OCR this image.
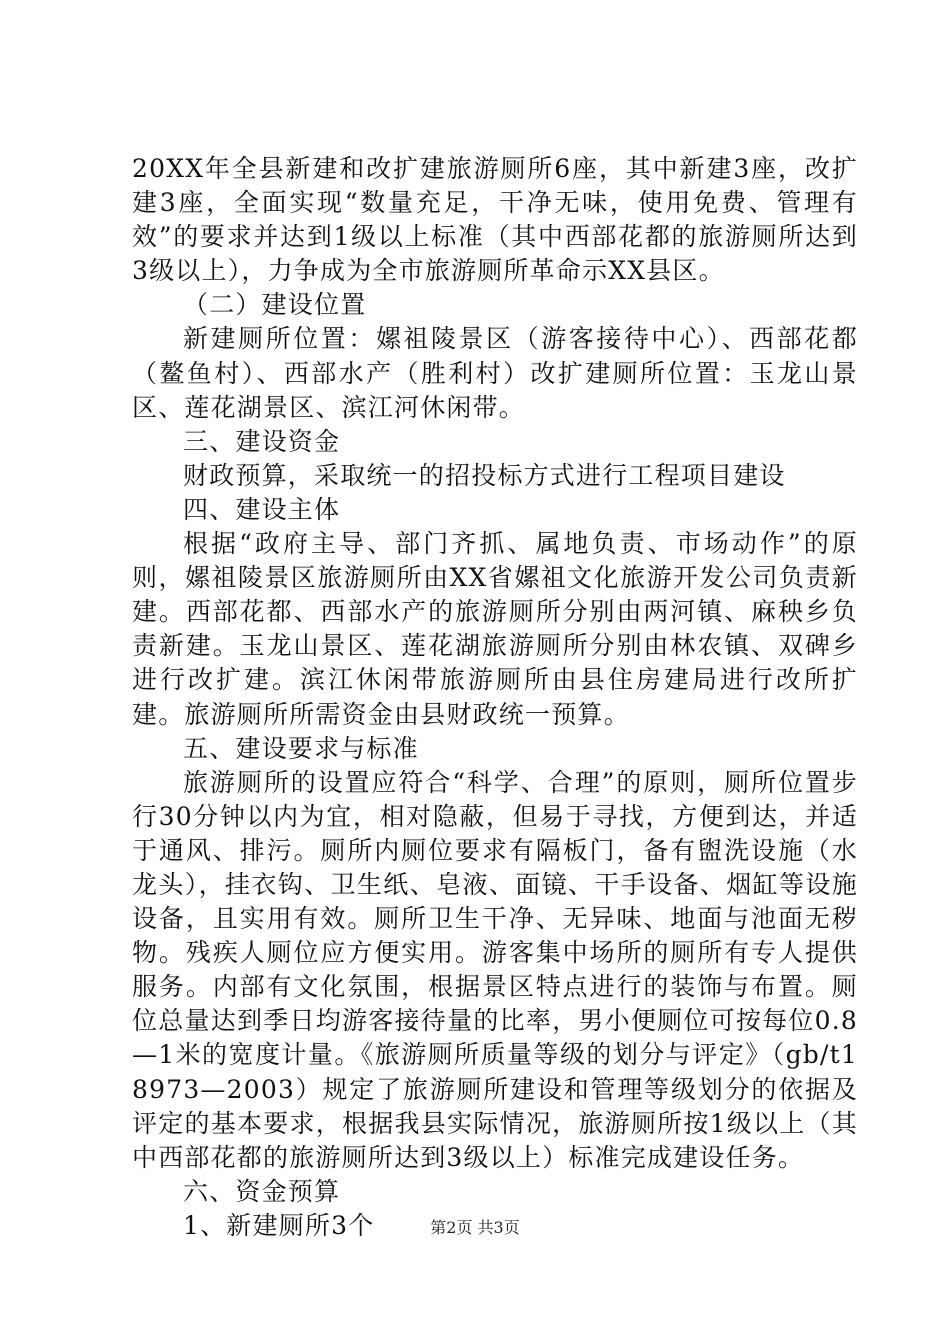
20XX年全县新建和改扩建旅游厕所6座，其中新建3座，改扩建3座，全面实现“数量充足，干净无味，使用免费、管理有效”的要求并达到1级以上标准（其中西部花都的旅游厕所达到3级以上），力争成为全市旅游厕所革命示XX县区。

（二）建设位置

新建厕所位置：嫘祖陵景区（游客接待中心）、西部花都（鳌鱼村）、西部水产（胜利村）改扩建厕所位置：玉龙山景区、莲花湖景区、滨江河休闲带。

三、建设资金

财政预算，采取统一的招投标方式进行工程项目建设

四、建设主体

根据“政府主导、部门齐抓、属地负责、市场动作”的原则，嫘祖陵景区旅游厕所由XX省嫘祖文化旅游开发公司负责新建。西部花都、西部水产的旅游厕所分别由两河镇、麻秧乡负责新建。玉龙山景区、莲花湖旅游厕所分别由林农镇、双碑乡进行改扩建。滨江休闲带旅游厕所由县住房建局进行改所扩建。旅游厕所所需资金由县财政统一预算。

五、建设要求与标准

旅游厕所的设置应符合“科学、合理”的原则，厕所位置步行30分钟以内为宜，相对隐蔽，但易于寻找，方便到达，并适于通风、排污。厕所内厕位要求有隔板门，备有盥洗设施（水龙头），挂衣钩、卫生纸、皂液、面镜、干手设备、烟缸等设施设备，且实用有效。厕所卫生干净、无异味、地面与池面无秽物。残疾人厕位应方便实用。游客集中场所的厕所有专人提供服务。内部有文化氛围，根据景区特点进行的装饰与布置。厕位总量达到季日均游客接待量的比率，男小便厕位可按每位0.8—1米的宽度计量。《旅游厕所质量等级的划分与评定》（gb/t18973—2003）规定了旅游厕所建设和管理等级划分的依据及评定的基本要求，根据我县实际情况，旅游厕所按1级以上（其中西部花都的旅游厕所达到3级以上）标准完成建设任务。

六、资金预算

1、新建厕所3个	第2页 共3页
